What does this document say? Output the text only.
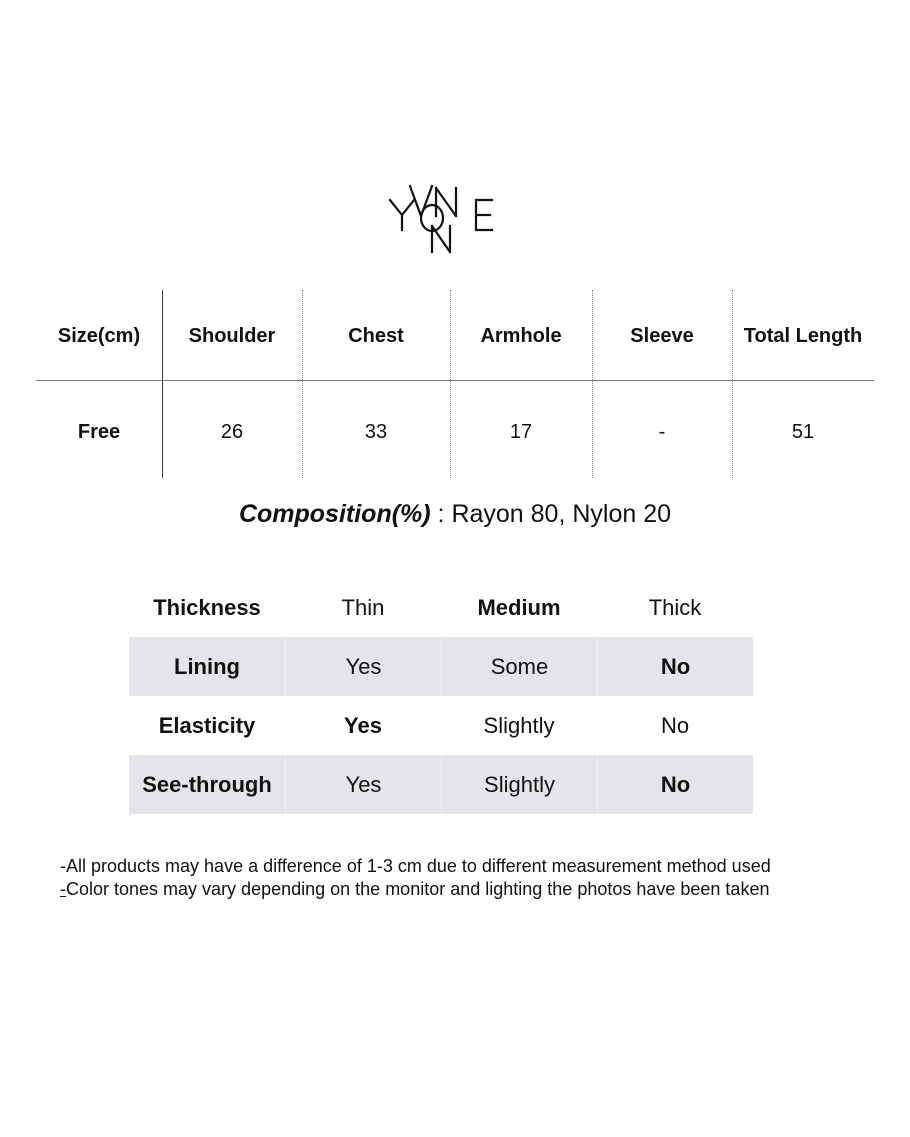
Size(cm)	Shoulder	Chest	Armhole	Sleeve	Total Length
Free	26	33	17	-	51
Composition(%) : Rayon 80, Nylon 20
Thickness	Thin	Medium	Thick
Lining	Yes	Some	No
Elasticity	Yes	Slightly	No
See-through	Yes	Slightly	No
-All products may have a difference of 1-3 cm due to different measurement method used
-Color tones may vary depending on the monitor and lighting the photos have been taken
